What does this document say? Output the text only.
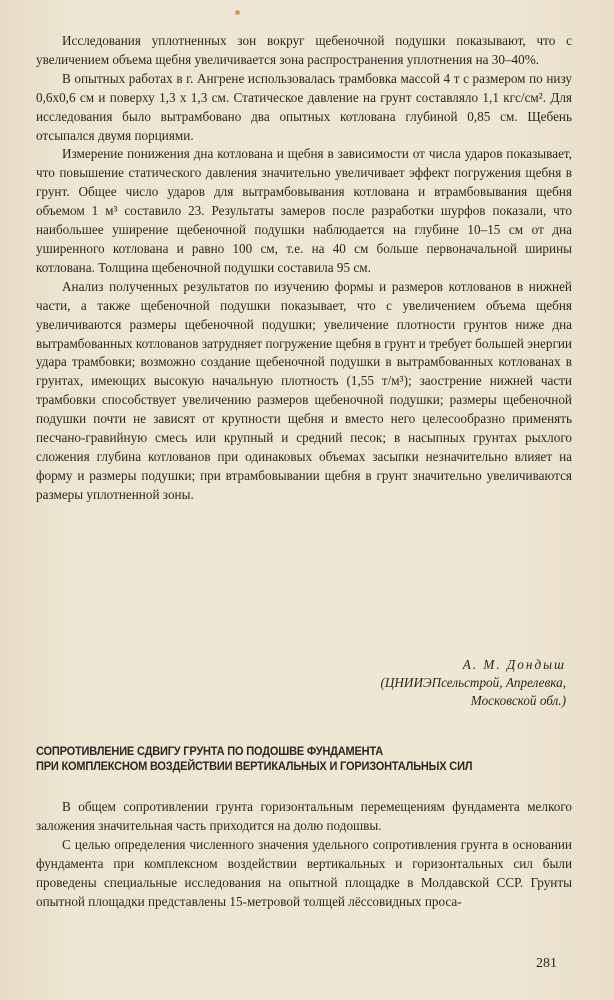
Исследования уплотненных зон вокруг щебеночной подушки показывают, что с увеличением объема щебня увеличивается зона распространения уплотнения на 30–40%.

В опытных работах в г. Ангрене использовалась трамбовка массой 4 т с размером по низу 0,6х0,6 см и поверху 1,3 х 1,3 см. Статическое давление на грунт составляло 1,1 кгс/см². Для исследования было вытрамбовано два опытных котлована глубиной 0,85 см. Щебень отсыпался двумя порциями.

Измерение понижения дна котлована и щебня в зависимости от числа ударов показывает, что повышение статического давления значительно увеличивает эффект погружения щебня в грунт. Общее число ударов для вытрамбовывания котлована и втрамбовывания щебня объемом 1 м³ составило 23. Результаты замеров после разработки шурфов показали, что наибольшее уширение щебеночной подушки наблюдается на глубине 10–15 см от дна уширенного котлована и равно 100 см, т.е. на 40 см больше первоначальной ширины котлована. Толщина щебеночной подушки составила 95 см.

Анализ полученных результатов по изучению формы и размеров котлованов в нижней части, а также щебеночной подушки показывает, что с увеличением объема щебня увеличиваются размеры щебеночной подушки; увеличение плотности грунтов ниже дна вытрамбованных котлованов затрудняет погружение щебня в грунт и требует большей энергии удара трамбовки; возможно создание щебеночной подушки в вытрамбованных котлованах в грунтах, имеющих высокую начальную плотность (1,55 т/м³); заострение нижней части трамбовки способствует увеличению размеров щебеночной подушки; размеры щебеночной подушки почти не зависят от крупности щебня и вместо него целесообразно применять песчано-гравийную смесь или крупный и средний песок; в насыпных грунтах рыхлого сложения глубина котлованов при одинаковых объемах засыпки незначительно влияет на форму и размеры подушки; при втрамбовывании щебня в грунт значительно увеличиваются размеры уплотненной зоны.

А. М. Дондыш
(ЦНИИЭПсельстрой, Апрелевка,
Московской обл.)
СОПРОТИВЛЕНИЕ СДВИГУ ГРУНТА ПО ПОДОШВЕ ФУНДАМЕНТА
ПРИ КОМПЛЕКСНОМ ВОЗДЕЙСТВИИ ВЕРТИКАЛЬНЫХ И ГОРИЗОНТАЛЬНЫХ СИЛ

В общем сопротивлении грунта горизонтальным перемещениям фундамента мелкого заложения значительная часть приходится на долю подошвы.

С целью определения численного значения удельного сопротивления грунта в основании фундамента при комплексном воздействии вертикальных и горизонтальных сил были проведены специальные исследования на опытной площадке в Молдавской ССР. Грунты опытной площадки представлены 15-метровой толщей лёссовидных проса-

281
